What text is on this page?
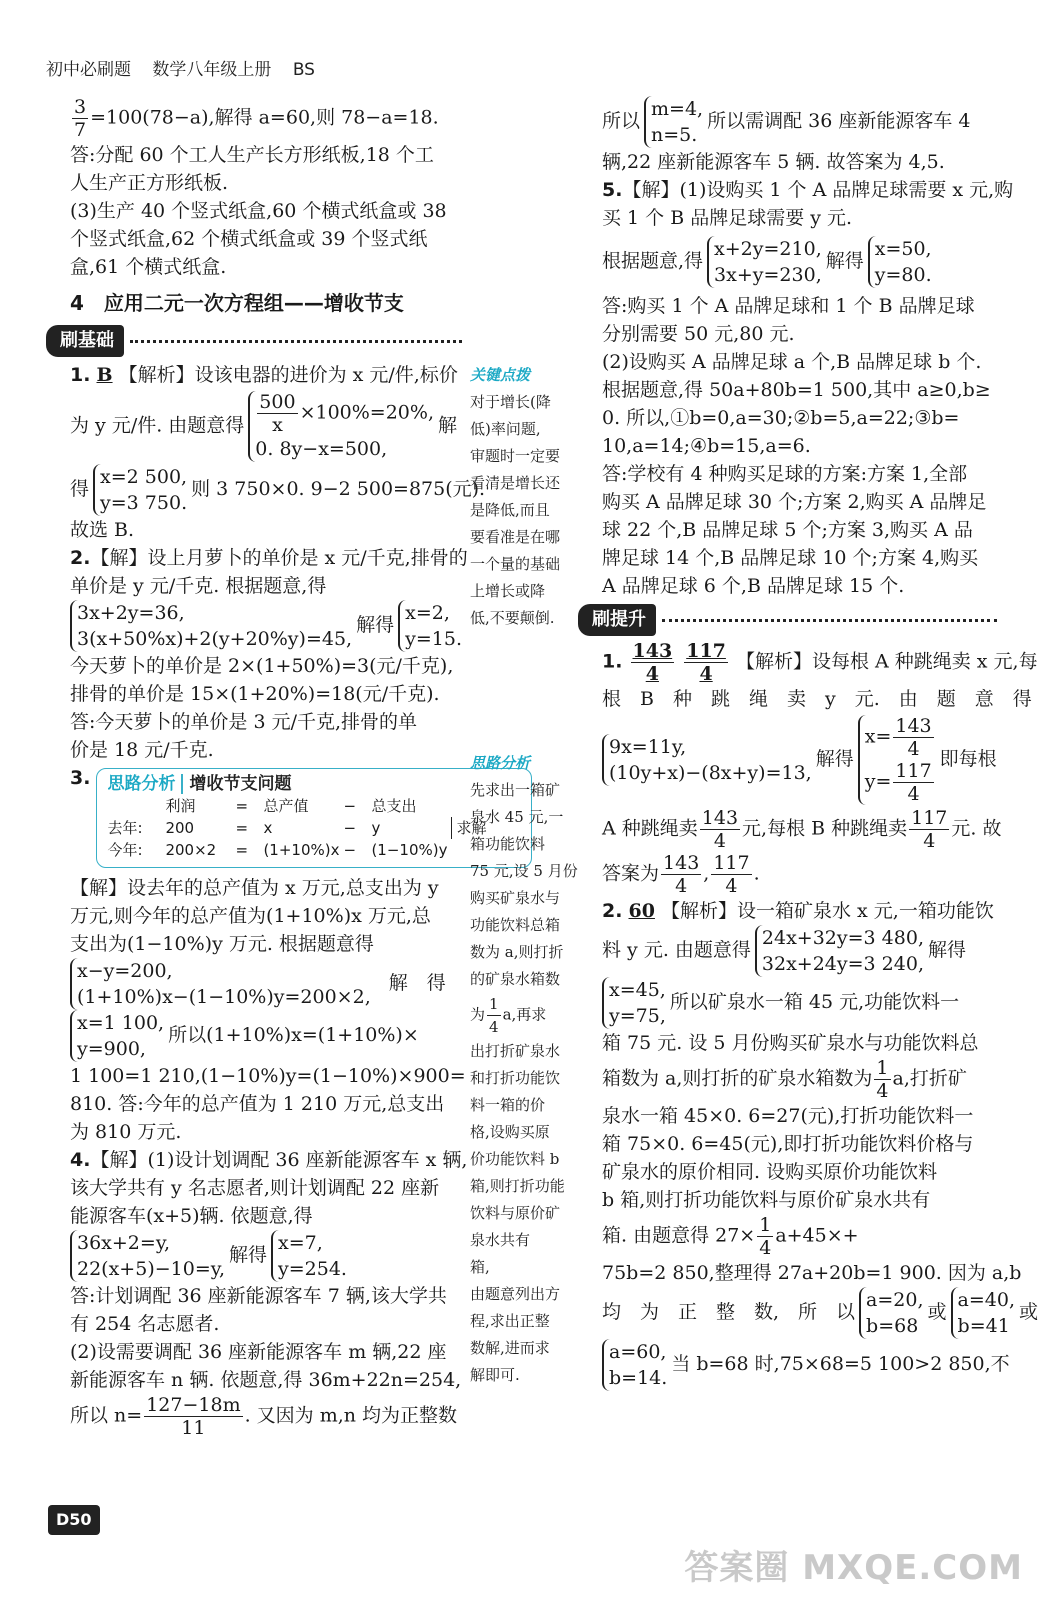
初中必刷题 数学八年级上册 BS

$\frac{3}{7} =100(78-a)$,解得 a=60,则 78−a=18.

答:分配 60 个工人生产长方形纸板,18 个工

人生产正方形纸板.

(3)生产 40 个竖式纸盒,60 个横式纸盒或 38

个竖式纸盒,62 个横式纸盒或 39 个竖式纸

盒,61 个横式纸盒.

4　应用二元一次方程组——增收节支
刷基础

1. B 【解析】设该电器的进价为 x 元/件,标价

为 y 元/件. 由题意得 $\frac{500}{x} \times 100\%=20\%$,
0. 8y−x=500,解

得x=2 500,
y=3 750.则 3 750×0. 9−2 500=875(元).

故选 B.

2.【解】设上月萝卜的单价是 x 元/千克,排骨的

单价是 y 元/千克. 根据题意,得

3x+2y=36,
3(x+50%x)+2(y+20%y)=45,解得x=2,
y=15.

今天萝卜的单价是 2×(1+50%)=3(元/千克),

排骨的单价是 15×(1+20%)=18(元/千克).

答:今天萝卜的单价是 3 元/千克,排骨的单

价是 18 元/千克.

3. 思路分析 增收节支问题
利润	=	总产值	−	总支出
去年:	200	=	x	−	y	求解
今年:	200×2	=	(1+10%)x −	(1−10%)y

【解】设去年的总产值为 x 万元,总支出为 y

万元,则今年的总产值为(1+10%)x 万元,总

支出为(1−10%)y 万元. 根据题意得

x−y=200,
(1+10%)x−(1−10%)y=200×2,解　得

x=1 100,
y=900,所以(1+10%)x=(1+10%)×

1 100=1 210,(1−10%)y=(1−10%)×900=

810. 答:今年的总产值为 1 210 万元,总支出

为 810 万元.

4.【解】(1)设计划调配 36 座新能源客车 x 辆,

该大学共有 y 名志愿者,则计划调配 22 座新

能源客车(x+5)辆. 依题意,得

36x+2=y,
22(x+5)−10=y,解得x=7,
y=254.

答:计划调配 36 座新能源客车 7 辆,该大学共

有 254 名志愿者.

(2)设需要调配 36 座新能源客车 m 辆,22 座

新能源客车 n 辆. 依题意,得 36m+22n=254,

所以 $n= \frac{127-18m}{11}$ . 又因为 m,n 均为正整数

关键点拨
对于增长(降
低)率问题,
审题时一定要
看清是增长还
是降低,而且
要看准是在哪
一个量的基础
上增长或降
低,不要颠倒.
思路分析
先求出一箱矿
泉水 45 元,一
箱功能饮料
75 元,设 5 月份
购买矿泉水与
功能饮料总箱
数为 a,则打折
的矿泉水箱数
为 $\frac{1}{4} a$,再求
出打折矿泉水
和打折功能饮
料一箱的价
格,设购买原
价功能饮料 b
箱,则打折功能
饮料与原价矿
泉水共有
箱,
由题意列出方
程,求出正整
数解,进而求
解即可.

所以m=4,
n=5.所以需调配 36 座新能源客车 4

辆,22 座新能源客车 5 辆. 故答案为 4,5.

5.【解】(1)设购买 1 个 A 品牌足球需要 x 元,购

买 1 个 B 品牌足球需要 y 元.

根据题意,得x+2y=210,
3x+y=230,解得x=50,
y=80.

答:购买 1 个 A 品牌足球和 1 个 B 品牌足球

分别需要 50 元,80 元.

(2)设购买 A 品牌足球 a 个,B 品牌足球 b 个.

根据题意,得 50a+80b=1 500,其中 a≥0,b≥

0. 所以,①b=0,a=30;②b=5,a=22;③b=

10,a=14;④b=15,a=6.

答:学校有 4 种购买足球的方案:方案 1,全部

购买 A 品牌足球 30 个;方案 2,购买 A 品牌足

球 22 个,B 品牌足球 5 个;方案 3,购买 A 品

牌足球 14 个,B 品牌足球 10 个;方案 4,购买

A 品牌足球 6 个,B 品牌足球 15 个.

刷提升

1. $\frac{143}{4}$
$\frac{117}{4}$ 【解析】设每根 A 种跳绳卖 x 元,每

根　B　种　跳　绳　卖　y　元.　由　题　意　得

9x=11y,
(10y+x)−(8x+y)=13,解得$x= \frac{143}{4}$

$y= \frac{117}{4}$
即每根

A 种跳绳卖 $\frac{143}{4}$ 元,每根 B 种跳绳卖 $\frac{117}{4}$ 元. 故

答案为 $\frac{143}{4}$ , $\frac{117}{4}$ .

2. 60 【解析】设一箱矿泉水 x 元,一箱功能饮

料 y 元. 由题意得24x+32y=3 480,
32x+24y=3 240,解得

x=45,
y=75,所以矿泉水一箱 45 元,功能饮料一

箱 75 元. 设 5 月份购买矿泉水与功能饮料总

箱数为 a,则打折的矿泉水箱数为 $\frac{1}{4} a$,打折矿

泉水一箱 45×0. 6=27(元),打折功能饮料一

箱 75×0. 6=45(元),即打折功能饮料价格与

矿泉水的原价相同. 设购买原价功能饮料

b 箱,则打折功能饮料与原价矿泉水共有

箱. 由题意得 $27\times \frac{1}{4} a+45\times+$

75b=2 850,整理得 27a+20b=1 900. 因为 a,b

均　为　正　整　数,　所　以a=20,
b=68或a=40,
b=41或

a=60,
b=14.当 b=68 时,75×68=5 100>2 850,不

D50
答案圈 MXQE.COM
